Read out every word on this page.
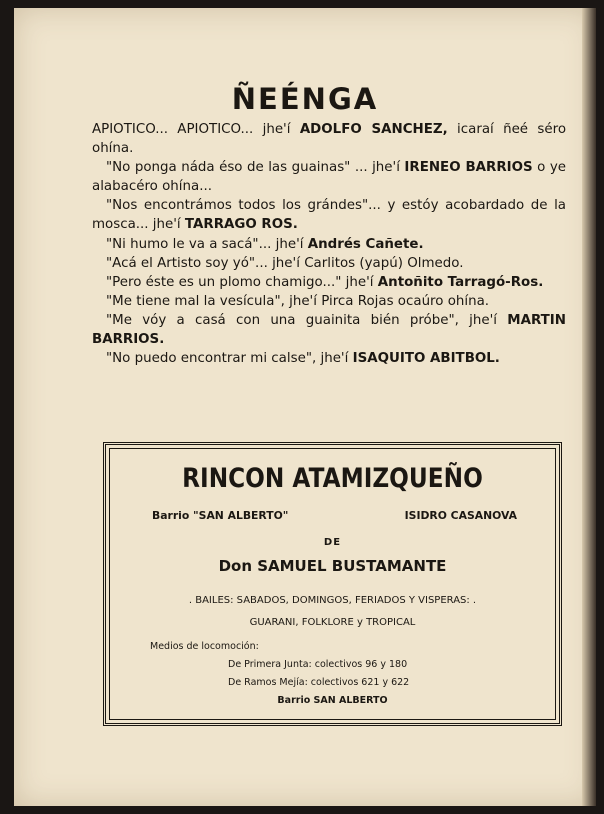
ÑEÉNGA

APIOTICO... APIOTICO... jhe'í ADOLFO SANCHEZ, icaraí ñeé séro ohína.

"No ponga náda éso de las guainas" ... jhe'í IRENEO BARRIOS o ye alabacéro ohína...

"Nos encontrámos todos los grándes"... y estóy acobardado de la mosca... jhe'í TARRAGO ROS.

"Ni humo le va a sacá"... jhe'í Andrés Cañete.

"Acá el Artisto soy yó"... jhe'í Carlitos (yapú) Olmedo.

"Pero éste es un plomo chamigo..." jhe'í Antoñito Tarragó-Ros.

"Me tiene mal la vesícula", jhe'í Pirca Rojas ocaúro ohína.

"Me vóy a casá con una guainita bién próbe", jhe'í MARTIN BARRIOS.

"No puedo encontrar mi calse", jhe'í ISAQUITO ABITBOL.

RINCON ATAMIZQUEÑO
Barrio "SAN ALBERTO"	ISIDRO CASANOVA
DE
Don SAMUEL BUSTAMANTE
. BAILES: SABADOS, DOMINGOS, FERIADOS Y VISPERAS: .
GUARANI, FOLKLORE y TROPICAL
Medios de locomoción:
De Primera Junta: colectivos 96 y 180
De Ramos Mejía: colectivos 621 y 622
Barrio SAN ALBERTO
